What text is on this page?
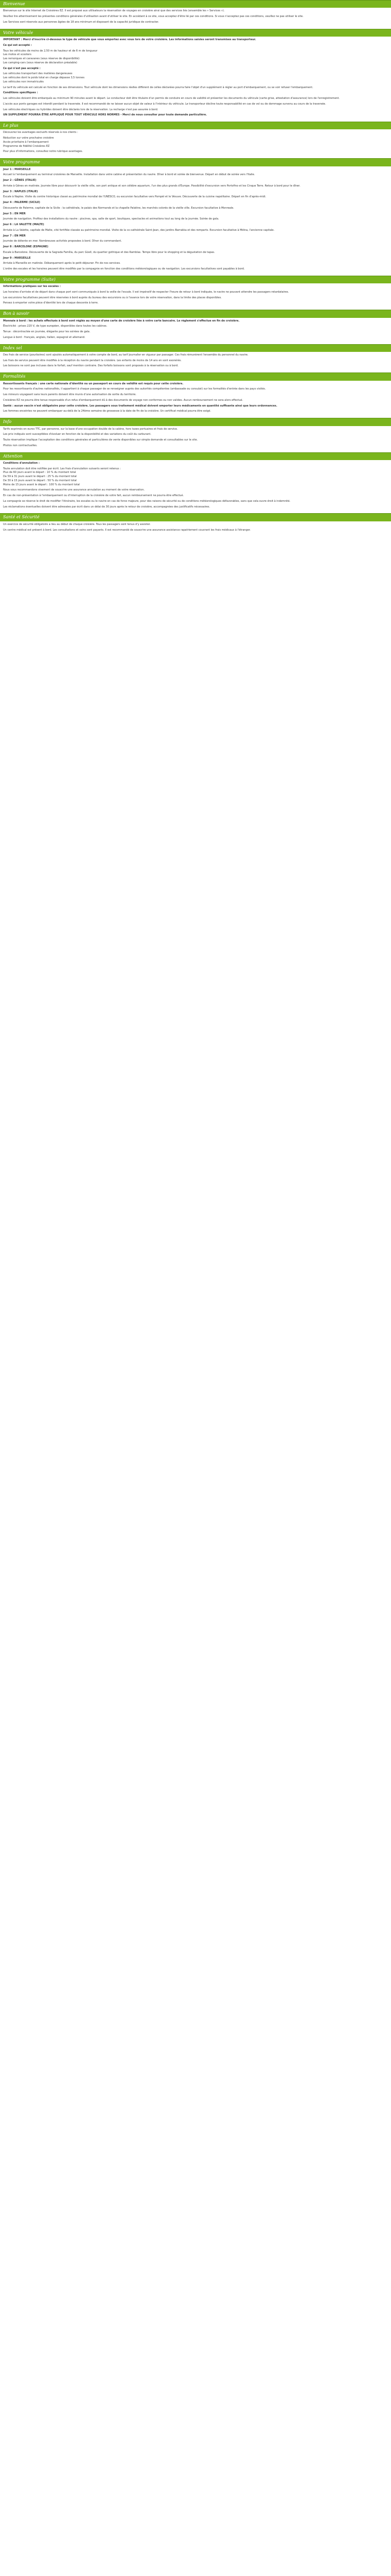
Bienvenue

Bienvenue sur le site Internet de Croisières EZ. Il est proposé aux utilisateurs la réservation de voyages en croisière ainsi que des services liés (ensemble les « Services »).

Veuillez lire attentivement les présentes conditions générales d'utilisation avant d'utiliser le site. En accédant à ce site, vous acceptez d'être lié par ces conditions. Si vous n'acceptez pas ces conditions, veuillez ne pas utiliser le site.

Les Services sont réservés aux personnes âgées de 18 ans minimum et disposant de la capacité juridique de contracter.

Votre véhicule

IMPORTANT : Merci d'inscrire ci-dessous le type de véhicule que vous emportez avec vous lors de votre croisière. Les informations saisies seront transmises au transporteur.

Ce qui est accepté :

Tous les véhicules de moins de 2,50 m de hauteur et de 6 m de longueur
Les motos et scooters
Les remorques et caravanes (sous réserve de disponibilité)
Les camping-cars (sous réserve de déclaration préalable)

Ce qui n'est pas accepté :

Les véhicules transportant des matières dangereuses
Les véhicules dont le poids total en charge dépasse 3,5 tonnes
Les véhicules non immatriculés

Le tarif du véhicule est calculé en fonction de ses dimensions. Tout véhicule dont les dimensions réelles diffèrent de celles déclarées pourra faire l'objet d'un supplément à régler au port d'embarquement, ou se voir refuser l'embarquement.

Conditions spécifiques :

Les véhicules doivent être embarqués au minimum 90 minutes avant le départ. Le conducteur doit être titulaire d'un permis de conduire en cours de validité et présenter les documents du véhicule (carte grise, attestation d'assurance) lors de l'enregistrement.

L'accès aux ponts garages est interdit pendant la traversée. Il est recommandé de ne laisser aucun objet de valeur à l'intérieur du véhicule. Le transporteur décline toute responsabilité en cas de vol ou de dommage survenu au cours de la traversée.

Les véhicules électriques ou hybrides doivent être déclarés lors de la réservation. La recharge n'est pas assurée à bord.

UN SUPPLÉMENT POURRA ÊTRE APPLIQUÉ POUR TOUT VÉHICULE HORS NORMES - Merci de nous consulter pour toute demande particulière.

Le plus

Découvrez les avantages exclusifs réservés à nos clients :

Réduction sur votre prochaine croisière
Accès prioritaire à l'embarquement
Programme de fidélité Croisières EZ

Pour plus d'informations, consultez notre rubrique avantages.

Votre programme

Jour 1 : MARSEILLE

Accueil à l'embarquement au terminal croisières de Marseille. Installation dans votre cabine et présentation du navire. Dîner à bord et soirée de bienvenue. Départ en début de soirée vers l'Italie.

Jour 2 : GÊNES (ITALIE)

Arrivée à Gênes en matinée. Journée libre pour découvrir la vieille ville, son port antique et son célèbre aquarium, l'un des plus grands d'Europe. Possibilité d'excursion vers Portofino et les Cinque Terre. Retour à bord pour le dîner.

Jour 3 : NAPLES (ITALIE)

Escale à Naples. Visite du centre historique classé au patrimoine mondial de l'UNESCO, ou excursion facultative vers Pompéi et le Vésuve. Découverte de la cuisine napolitaine. Départ en fin d'après-midi.

Jour 4 : PALERME (SICILE)

Découverte de Palerme, capitale de la Sicile : la cathédrale, le palais des Normands et la chapelle Palatine, les marchés colorés de la vieille ville. Excursion facultative à Monreale.

Jour 5 : EN MER

Journée de navigation. Profitez des installations du navire : piscines, spa, salle de sport, boutiques, spectacles et animations tout au long de la journée. Soirée de gala.

Jour 6 : LA VALETTE (MALTE)

Arrivée à La Valette, capitale de Malte, cité fortifiée classée au patrimoine mondial. Visite de la co-cathédrale Saint-Jean, des jardins Barrakka et des remparts. Excursion facultative à Mdina, l'ancienne capitale.

Jour 7 : EN MER

Journée de détente en mer. Nombreuses activités proposées à bord. Dîner du commandant.

Jour 8 : BARCELONE (ESPAGNE)

Escale à Barcelone. Découverte de la Sagrada Família, du parc Güell, du quartier gothique et des Ramblas. Temps libre pour le shopping et la dégustation de tapas.

Jour 9 : MARSEILLE

Arrivée à Marseille en matinée. Débarquement après le petit-déjeuner. Fin de nos services.

L'ordre des escales et les horaires peuvent être modifiés par la compagnie en fonction des conditions météorologiques ou de navigation. Les excursions facultatives sont payables à bord.

Votre programme (Suite)

Informations pratiques sur les escales :

Les horaires d'arrivée et de départ dans chaque port sont communiqués à bord la veille de l'escale. Il est impératif de respecter l'heure de retour à bord indiquée, le navire ne pouvant attendre les passagers retardataires.

Les excursions facultatives peuvent être réservées à bord auprès du bureau des excursions ou à l'avance lors de votre réservation, dans la limite des places disponibles.

Pensez à emporter votre pièce d'identité lors de chaque descente à terre.

Bon à savoir

Monnaie à bord : les achats effectués à bord sont réglés au moyen d'une carte de croisière liée à votre carte bancaire. Le règlement s'effectue en fin de croisière.

Électricité : prises 220 V, de type européen, disponibles dans toutes les cabines.

Tenue : décontractée en journée, élégante pour les soirées de gala.

Langue à bord : français, anglais, italien, espagnol et allemand.

Index sel

Des frais de service (pourboires) sont ajoutés automatiquement à votre compte de bord, au tarif journalier en vigueur par passager. Ces frais rémunèrent l'ensemble du personnel du navire.

Les frais de service peuvent être modifiés à la réception du navire pendant la croisière. Les enfants de moins de 14 ans en sont exonérés.

Les boissons ne sont pas incluses dans le forfait, sauf mention contraire. Des forfaits boissons sont proposés à la réservation ou à bord.

Formalités

Ressortissants français : une carte nationale d'identité ou un passeport en cours de validité est requis pour cette croisière.

Pour les ressortissants d'autres nationalités, il appartient à chaque passager de se renseigner auprès des autorités compétentes (ambassade ou consulat) sur les formalités d'entrée dans les pays visités.

Les mineurs voyageant sans leurs parents doivent être munis d'une autorisation de sortie du territoire.

Croisières EZ ne pourra être tenue responsable d'un refus d'embarquement dû à des documents de voyage non conformes ou non valides. Aucun remboursement ne sera alors effectué.

Santé : aucun vaccin n'est obligatoire pour cette croisière. Les passagers sous traitement médical doivent emporter leurs médicaments en quantité suffisante ainsi que leurs ordonnances.

Les femmes enceintes ne peuvent embarquer au-delà de la 24ème semaine de grossesse à la date de fin de la croisière. Un certificat médical pourra être exigé.

Info

Tarifs exprimés en euros TTC, par personne, sur la base d'une occupation double de la cabine, hors taxes portuaires et frais de service.

Les prix indiqués sont susceptibles d'évoluer en fonction de la disponibilité et des variations du coût du carburant.

Toute réservation implique l'acceptation des conditions générales et particulières de vente disponibles sur simple demande et consultables sur le site.

Photos non contractuelles.

Attention

Conditions d'annulation :

Toute annulation doit être notifiée par écrit. Les frais d'annulation suivants seront retenus :
Plus de 60 jours avant le départ : 10 % du montant total
De 59 à 31 jours avant le départ : 25 % du montant total
De 30 à 15 jours avant le départ : 50 % du montant total
Moins de 15 jours avant le départ : 100 % du montant total

Nous vous recommandons vivement de souscrire une assurance annulation au moment de votre réservation.

En cas de non-présentation à l'embarquement ou d'interruption de la croisière de votre fait, aucun remboursement ne pourra être effectué.

La compagnie se réserve le droit de modifier l'itinéraire, les escales ou le navire en cas de force majeure, pour des raisons de sécurité ou de conditions météorologiques défavorables, sans que cela ouvre droit à indemnité.

Les réclamations éventuelles doivent être adressées par écrit dans un délai de 30 jours après le retour de croisière, accompagnées des justificatifs nécessaires.

Santé et Sécurité

Un exercice de sécurité obligatoire a lieu au début de chaque croisière. Tous les passagers sont tenus d'y assister.

Un centre médical est présent à bord. Les consultations et soins sont payants. Il est recommandé de souscrire une assurance assistance rapatriement couvrant les frais médicaux à l'étranger.
